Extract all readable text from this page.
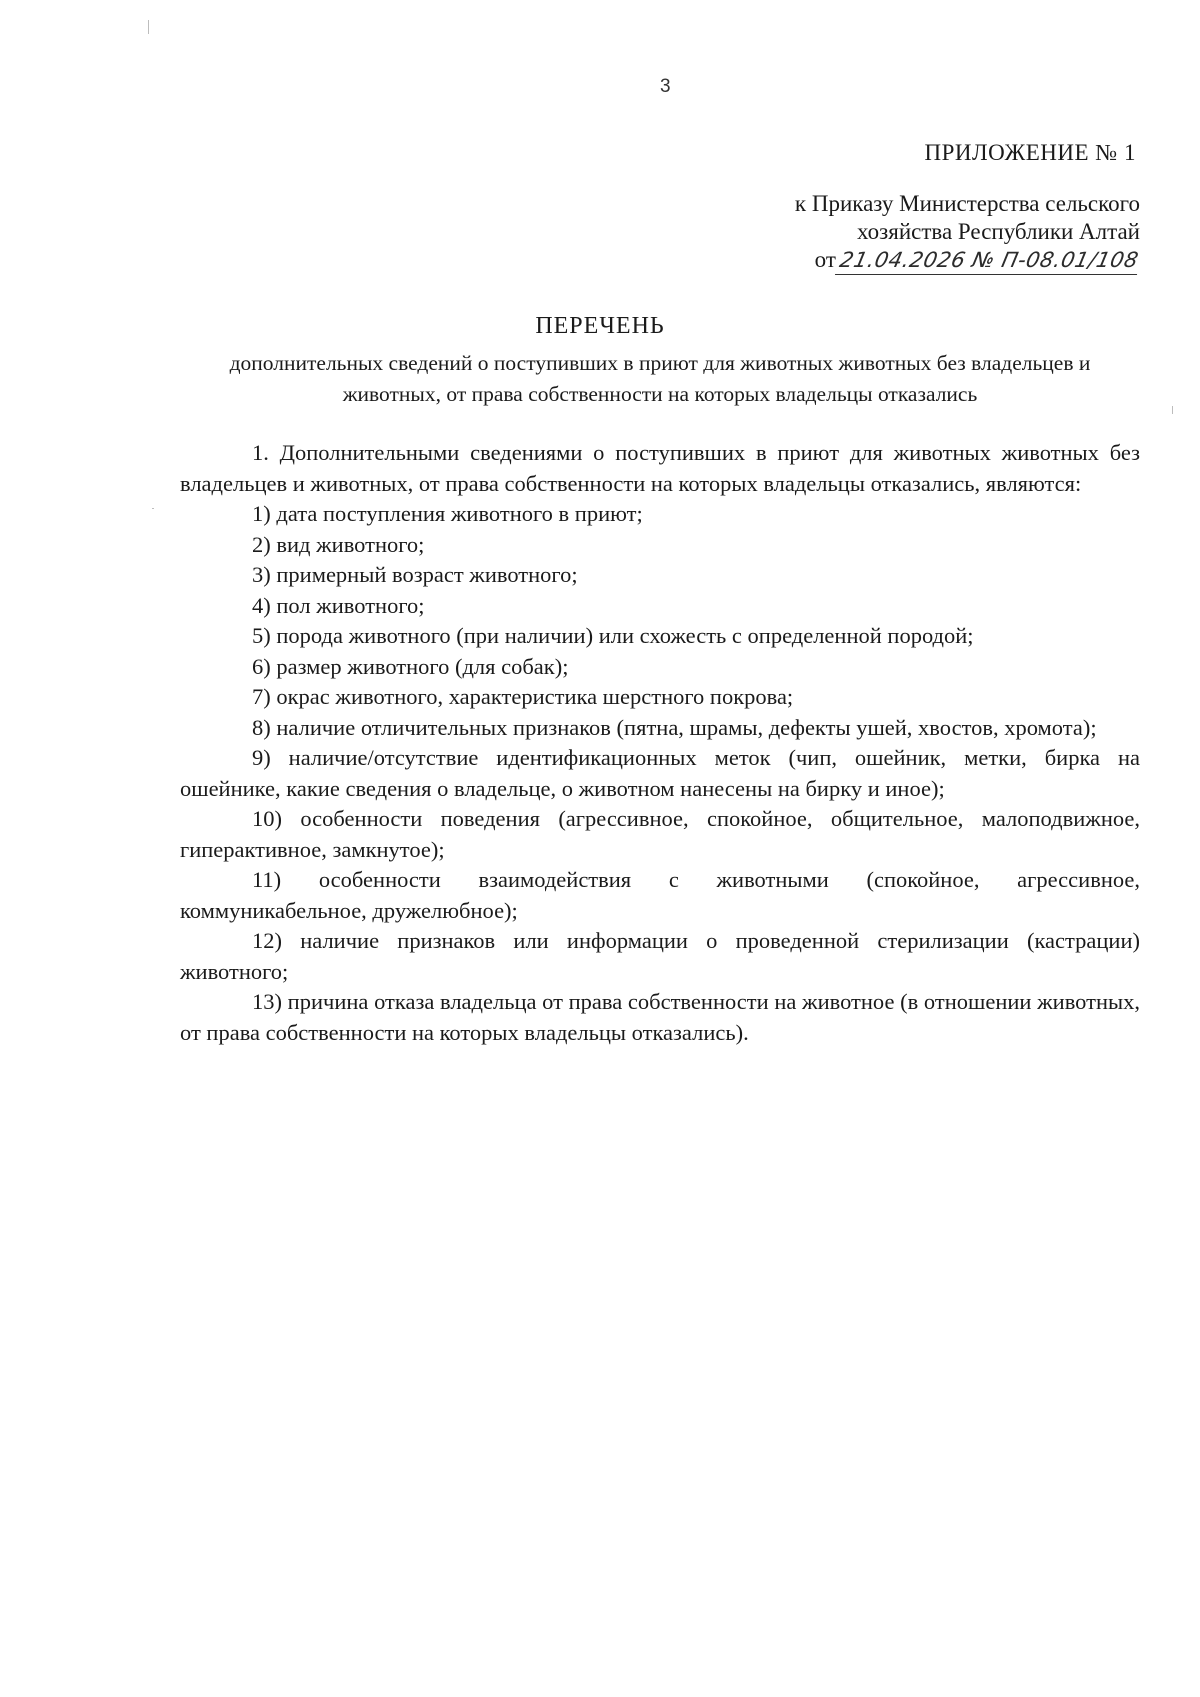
3
ПРИЛОЖЕНИЕ № 1
к Приказу Министерства сельского
хозяйства Республики Алтай
от 21.04.2026 № П-08.01/108
ПЕРЕЧЕНЬ
дополнительных сведений о поступивших в приют для животных животных без владельцев и животных, от права собственности на которых владельцы отказались

1. Дополнительными сведениями о поступивших в приют для животных животных без владельцев и животных, от права собственности на которых владельцы отказались, являются:

1) дата поступления животного в приют;
2) вид животного;
3) примерный возраст животного;
4) пол животного;
5) порода животного (при наличии) или схожесть с определенной породой;
6) размер животного (для собак);
7) окрас животного, характеристика шерстного покрова;
8) наличие отличительных признаков (пятна, шрамы, дефекты ушей, хвостов, хромота);
9) наличие/отсутствие идентификационных меток (чип, ошейник, метки, бирка на ошейнике, какие сведения о владельце, о животном нанесены на бирку и иное);
10) особенности поведения (агрессивное, спокойное, общительное, малоподвижное, гиперактивное, замкнутое);
11) особенности взаимодействия с животными (спокойное, агрессивное, коммуникабельное, дружелюбное);
12) наличие признаков или информации о проведенной стерилизации (кастрации) животного;
13) причина отказа владельца от права собственности на животное (в отношении животных, от права собственности на которых владельцы отказались).
